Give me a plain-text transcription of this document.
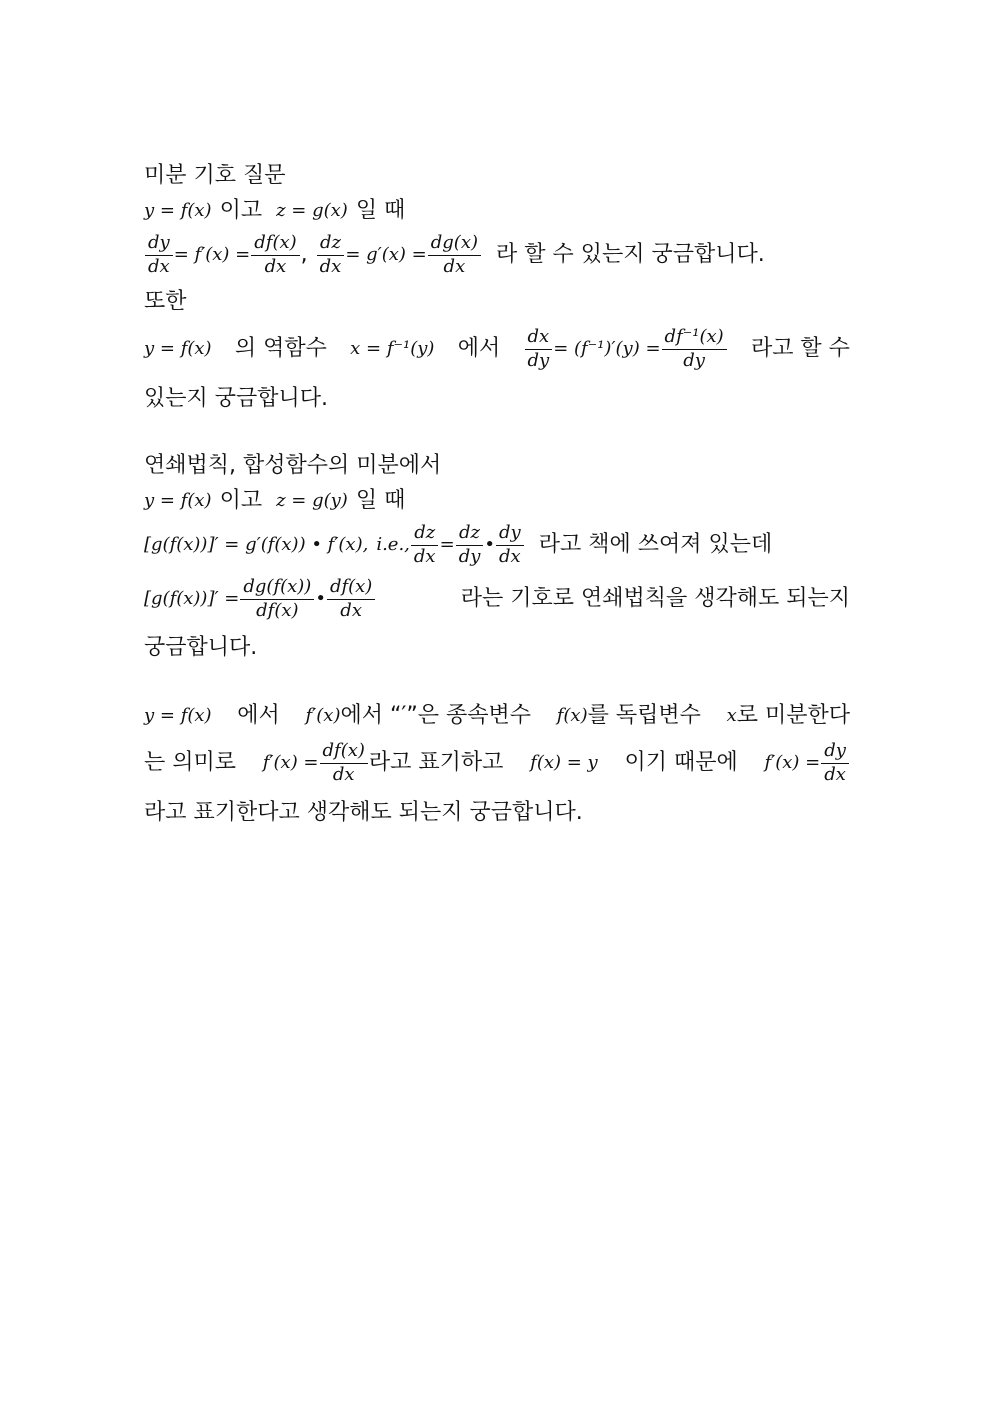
미분 기호 질문
y = f(x) 이고 z = g(x) 일 때
$\frac{dy}{dx} = f'(x) = \frac{df(x)}{dx}$ , $\frac{dz}{dx} = g'(x) = \frac{dg(x)}{dx}$ 라 할 수 있는지 궁금합니다.
또한
y = f(x) 의 역함수 x = f⁻¹(y) 에서 $\frac{dx}{dy} = (f^{-1})'(y) = \frac{\text{df⁻¹(x)}}{dy}$ 라고 할 수
있는지 궁금합니다.
연쇄법칙, 합성함수의 미분에서
y = f(x) 이고 z = g(y) 일 때
[g(f(x))]′ = g′(f(x)) • f′(x), i.e., $\frac{dz}{dx} = \frac{dz}{dy}$ • $\frac{dy}{dx}$ 라고 책에 쓰여져 있는데
$[g(f(x))]' = \frac{dg(f(x))}{df(x)}$ • $\frac{df(x)}{dx}$	라는 기호로 연쇄법칙을 생각해도 되는지
궁금합니다.
y = f(x) 에서 f′(x) 에서 “′”은 종속변수 f(x) 를 독립변수 x 로 미분한다
는 의미로 $f'(x) = \frac{df(x)}{dx}$ 라고 표기하고 f(x) = y 이기 때문에 $f'(x) = \frac{dy}{dx}$
라고 표기한다고 생각해도 되는지 궁금합니다.
